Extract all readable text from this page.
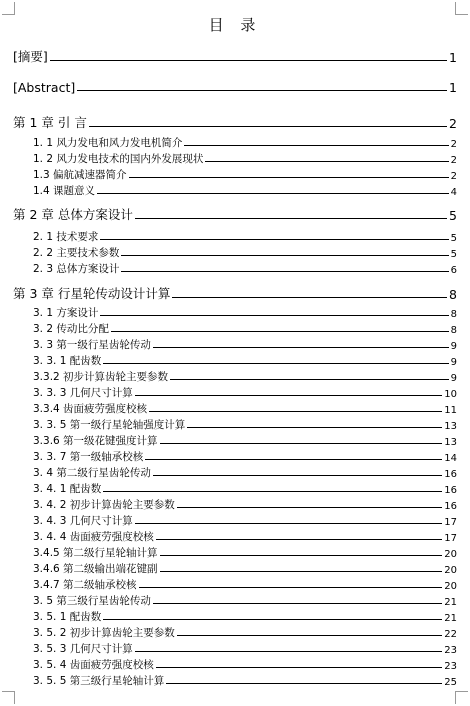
目 录
[摘要]	1
[Abstract]	1
第 1 章 引 言	2
1. 1 风力发电和风力发电机简介	2
1. 2 风力发电技术的国内外发展现状	2
1.3 偏航减速器简介	2
1.4 课题意义	4
第 2 章 总体方案设计	5
2. 1 技术要求	5
2. 2 主要技术参数	5
2. 3 总体方案设计	6
第 3 章 行星轮传动设计计算	8
3. 1 方案设计	8
3. 2 传动比分配	8
3. 3 第一级行星齿轮传动	9
3. 3. 1 配齿数	9
3.3.2 初步计算齿轮主要参数	9
3. 3. 3 几何尺寸计算	10
3.3.4 齿面疲劳强度校核	11
3. 3. 5 第一级行星轮轴强度计算	13
3.3.6 第一级花键强度计算	13
3. 3. 7 第一级轴承校核	14
3. 4 第二级行星齿轮传动	16
3. 4. 1 配齿数	16
3. 4. 2 初步计算齿轮主要参数	16
3. 4. 3 几何尺寸计算	17
3. 4. 4 齿面疲劳强度校核	17
3.4.5 第二级行星轮轴计算	20
3.4.6 第二级输出端花键副	20
3.4.7 第二级轴承校核	20
3. 5 第三级行星齿轮传动	21
3. 5. 1 配齿数	21
3. 5. 2 初步计算齿轮主要参数	22
3. 5. 3 几何尺寸计算	23
3. 5. 4 齿面疲劳强度校核	23
3. 5. 5 第三级行星轮轴计算	25
